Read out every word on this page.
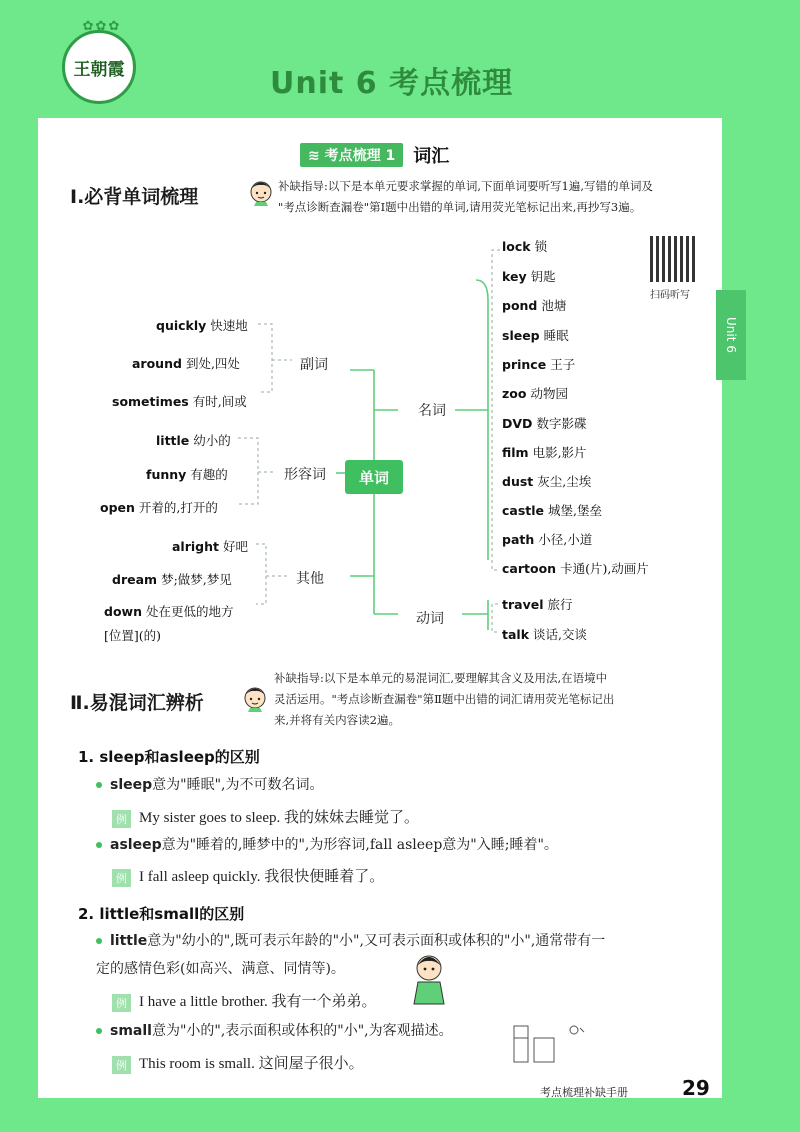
✿✿✿
王朝霞	Unit 6 考点梳理
Unit 6
≋ 考点梳理 1	词汇
Ⅰ.必背单词梳理	补缺指导:以下是本单元要求掌握的单词,下面单词要听写1遍,写错的单词及
"考点诊断查漏卷"第Ⅰ题中出错的单词,请用荧光笔标记出来,再抄写3遍。
扫码听写
单词
副词
形容词
其他
名词
动词
quickly 快速地
around 到处,四处
sometimes 有时,间或
little 幼小的
funny 有趣的
open 开着的,打开的
alright 好吧
dream 梦;做梦,梦见
down 处在更低的地方
[位置](的)
lock 锁
key 钥匙
pond 池塘
sleep 睡眠
prince 王子
zoo 动物园
DVD 数字影碟
film 电影,影片
dust 灰尘,尘埃
castle 城堡,堡垒
path 小径,小道
cartoon 卡通(片),动画片
travel 旅行
talk 谈话,交谈
Ⅱ.易混词汇辨析
补缺指导:以下是本单元的易混词汇,要理解其含义及用法,在语境中
灵活运用。"考点诊断查漏卷"第Ⅱ题中出错的词汇请用荧光笔标记出
来,并将有关内容读2遍。
1. sleep和asleep的区别
sleep意为"睡眠",为不可数名词。
例 My sister goes to sleep. 我的妹妹去睡觉了。
asleep意为"睡着的,睡梦中的",为形容词,fall asleep意为"入睡;睡着"。
例 I fall asleep quickly. 我很快便睡着了。
2. little和small的区别
little意为"幼小的",既可表示年龄的"小",又可表示面积或体积的"小",通常带有一
定的感情色彩(如高兴、满意、同情等)。
例 I have a little brother. 我有一个弟弟。
small意为"小的",表示面积或体积的"小",为客观描述。
例 This room is small. 这间屋子很小。
考点梳理补缺手册	29
